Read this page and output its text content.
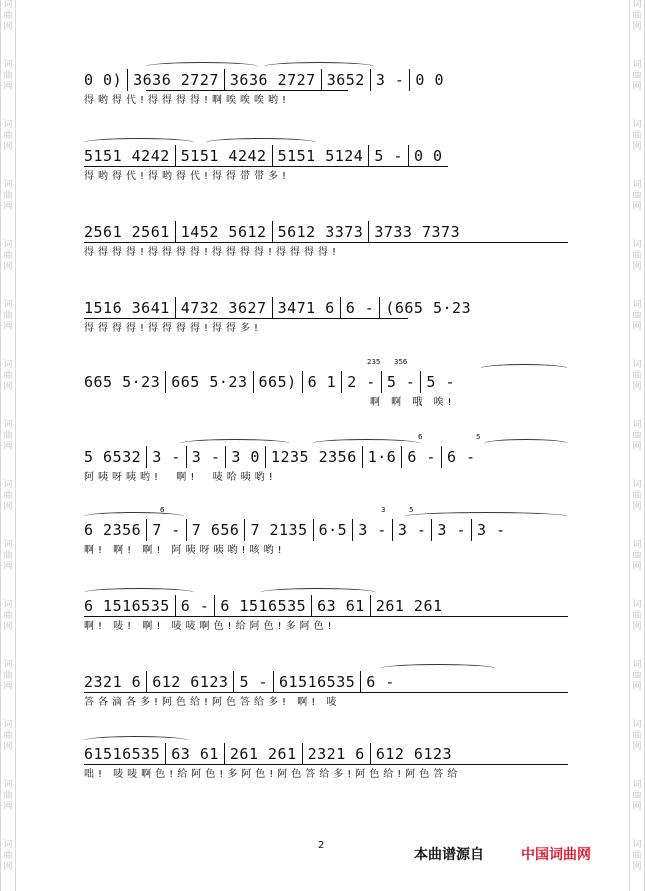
词曲网
词曲网
词曲网
词曲网
词曲网
词曲网
词曲网
词曲网
词曲网
词曲网
词曲网
词曲网
词曲网
词曲网
词曲网
词曲网
词曲网
词曲网
词曲网
词曲网
词曲网
词曲网
词曲网
词曲网
词曲网
词曲网
词曲网
词曲网
词曲网
词曲网
0 0) 3636 2727 3636 2727 3652 3 - 0 0
得哟得代!得得得得!啊唉唉唉哟!
5151 4242 5151 4242 5151 5124 5 - 0 0
得哟得代!得哟得代!得得带带多!
2561 2561 1452 5612 5612 3373 3733 7373
得得得得!得得得得!得得得得!得得得得!
1516 3641 4732 3627 3471 6 6 - (665 5·23
得得得得!得得得得!得得多!
235 356
665 5·23 665 5·23 665) 6 1 2 - 5 - 5 -
啊 啊 哦 唉!
6	5
5 6532 3 - 3 - 3 0 1235 2356 1·6 6 - 6 -
阿咦呀咦哟!  啊!  唛哈咦哟!
6	3	5
6 2356 7 - 7 656 7 2135 6·5 3 - 3 - 3 - 3 -
啊! 啊! 啊! 阿咦呀咦哟!咳哟!
6 1516535 6 - 6 1516535 63 61 261 261
啊! 唛! 啊! 唛唛啊色!给阿色!多阿色!
2321 6 612 6123 5 - 61516535 6 -
答各滴各多!阿色给!阿色答给多! 啊! 唛
61516535 63 61 261 261 2321 6 612 6123
咄! 唛唛啊色!给阿色!多阿色!阿色答给多!阿色给!阿色答给
2
本曲谱源自	中国词曲网
